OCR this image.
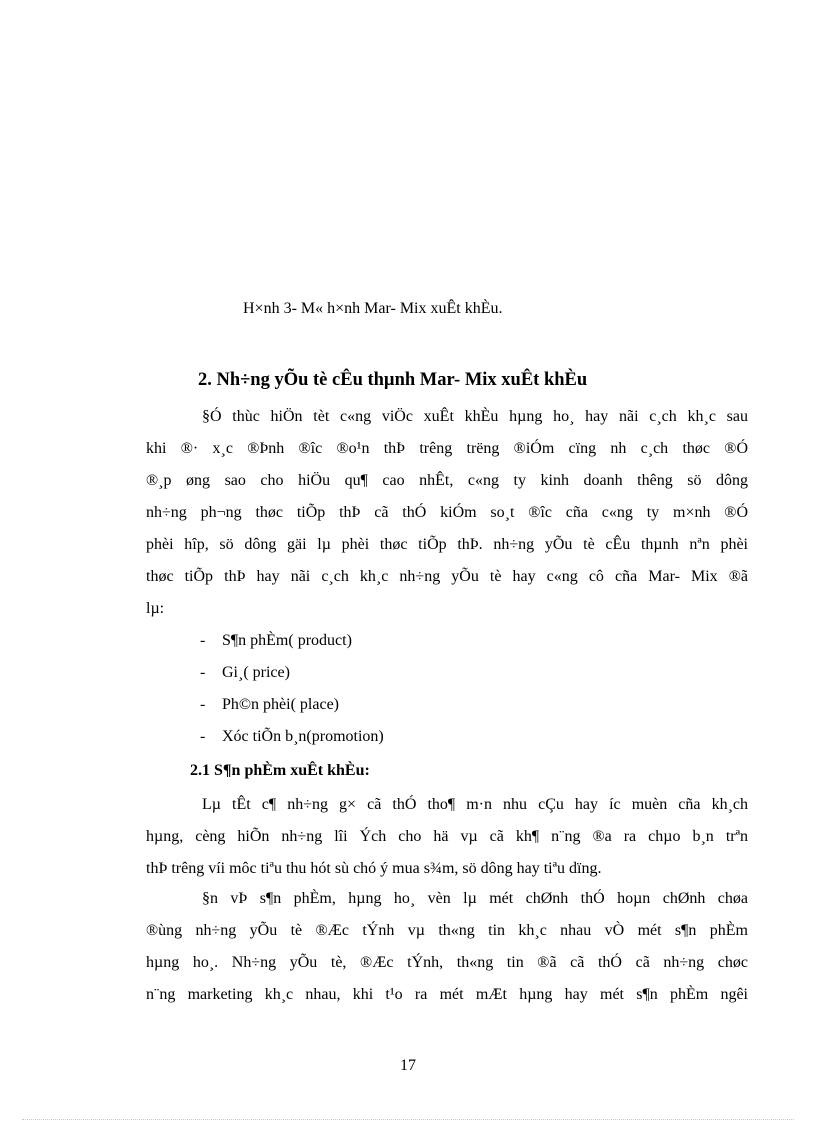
H×nh 3- M« h×nh Mar- Mix xuÊt khÈu.
2. Nh÷ng yÕu tè cÊu thµnh Mar- Mix xuÊt khÈu
§Ó thùc hiÖn tèt c«ng viÖc xuÊt khÈu hµng ho¸ hay nãi c¸ch kh¸c sau
khi ®· x¸c ®Þnh ®îc ®o¹n thÞ trêng trëng ®iÓm cïng nh c¸ch thøc ®Ó
®¸p øng sao cho hiÖu qu¶ cao nhÊt, c«ng ty kinh doanh thêng sö dông
nh÷ng ph¬ng thøc tiÕp thÞ cã thÓ kiÓm so¸t ®îc cña c«ng ty m×nh ®Ó
phèi hîp, sö dông gäi lµ phèi thøc tiÕp thÞ. nh÷ng yÕu tè cÊu thµnh nªn phèi
thøc tiÕp thÞ hay nãi c¸ch kh¸c nh÷ng yÕu tè hay c«ng cô cña Mar- Mix ®ã
lµ:
- S¶n phÈm( product)
- Gi¸( price)
- Ph©n phèi( place)
- Xóc tiÕn b¸n(promotion)
2.1 S¶n phÈm xuÊt khÈu:
Lµ tÊt c¶ nh÷ng g× cã thÓ tho¶ m·n nhu cÇu hay íc muèn cña kh¸ch
hµng, cèng hiÕn nh÷ng lîi Ých cho hä vµ cã kh¶ n¨ng ®a ra chµo b¸n trªn
thÞ trêng víi môc tiªu thu hót sù chó ý mua s¾m, sö dông hay tiªu dïng.
§n vÞ s¶n phÈm, hµng ho¸ vèn lµ mét chØnh thÓ hoµn chØnh chøa
®ùng nh÷ng yÕu tè ®Æc tÝnh vµ th«ng tin kh¸c nhau vÒ mét s¶n phÈm
hµng ho¸. Nh÷ng yÕu tè, ®Æc tÝnh, th«ng tin ®ã cã thÓ cã nh÷ng chøc
n¨ng marketing kh¸c nhau, khi t¹o ra mét mÆt hµng hay mét s¶n phÈm ngêi
17
